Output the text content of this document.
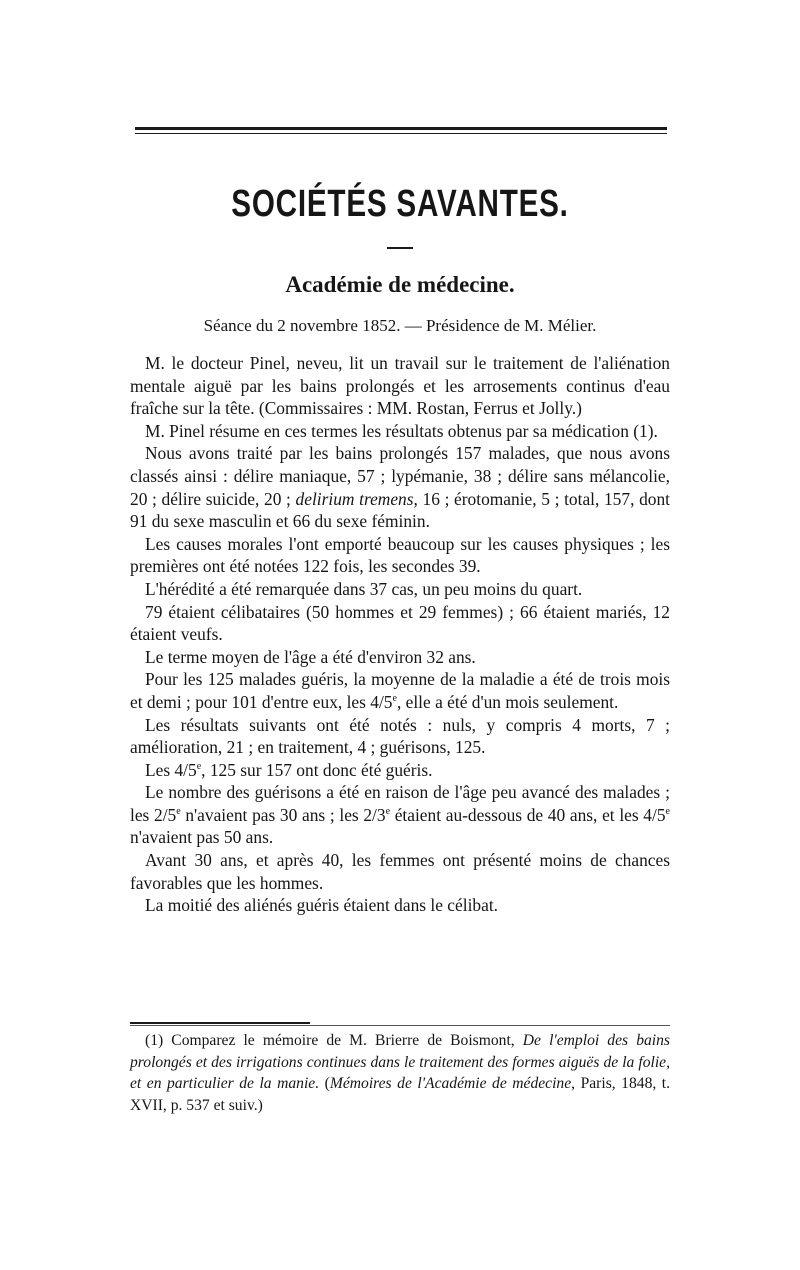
SOCIÉTÉS SAVANTES.
Académie de médecine.
Séance du 2 novembre 1852. — Présidence de M. Mélier.

M. le docteur Pinel, neveu, lit un travail sur le traitement de l'aliénation mentale aiguë par les bains prolongés et les arrosements continus d'eau fraîche sur la tête. (Commissaires : MM. Rostan, Ferrus et Jolly.)

M. Pinel résume en ces termes les résultats obtenus par sa médication (1).

Nous avons traité par les bains prolongés 157 malades, que nous avons classés ainsi : délire maniaque, 57 ; lypémanie, 38 ; délire sans mélancolie, 20 ; délire suicide, 20 ; delirium tremens, 16 ; érotomanie, 5 ; total, 157, dont 91 du sexe masculin et 66 du sexe féminin.

Les causes morales l'ont emporté beaucoup sur les causes physiques ; les premières ont été notées 122 fois, les secondes 39.

L'hérédité a été remarquée dans 37 cas, un peu moins du quart.

79 étaient célibataires (50 hommes et 29 femmes) ; 66 étaient mariés, 12 étaient veufs.

Le terme moyen de l'âge a été d'environ 32 ans.

Pour les 125 malades guéris, la moyenne de la maladie a été de trois mois et demi ; pour 101 d'entre eux, les 4/5e, elle a été d'un mois seulement.

Les résultats suivants ont été notés : nuls, y compris 4 morts, 7 ; amélioration, 21 ; en traitement, 4 ; guérisons, 125.

Les 4/5e, 125 sur 157 ont donc été guéris.

Le nombre des guérisons a été en raison de l'âge peu avancé des malades ; les 2/5e n'avaient pas 30 ans ; les 2/3e étaient au-dessous de 40 ans, et les 4/5e n'avaient pas 50 ans.

Avant 30 ans, et après 40, les femmes ont présenté moins de chances favorables que les hommes.

La moitié des aliénés guéris étaient dans le célibat.

(1) Comparez le mémoire de M. Brierre de Boismont, De l'emploi des bains prolongés et des irrigations continues dans le traitement des formes aiguës de la folie, et en particulier de la manie. (Mémoires de l'Académie de médecine, Paris, 1848, t. XVII, p. 537 et suiv.)
